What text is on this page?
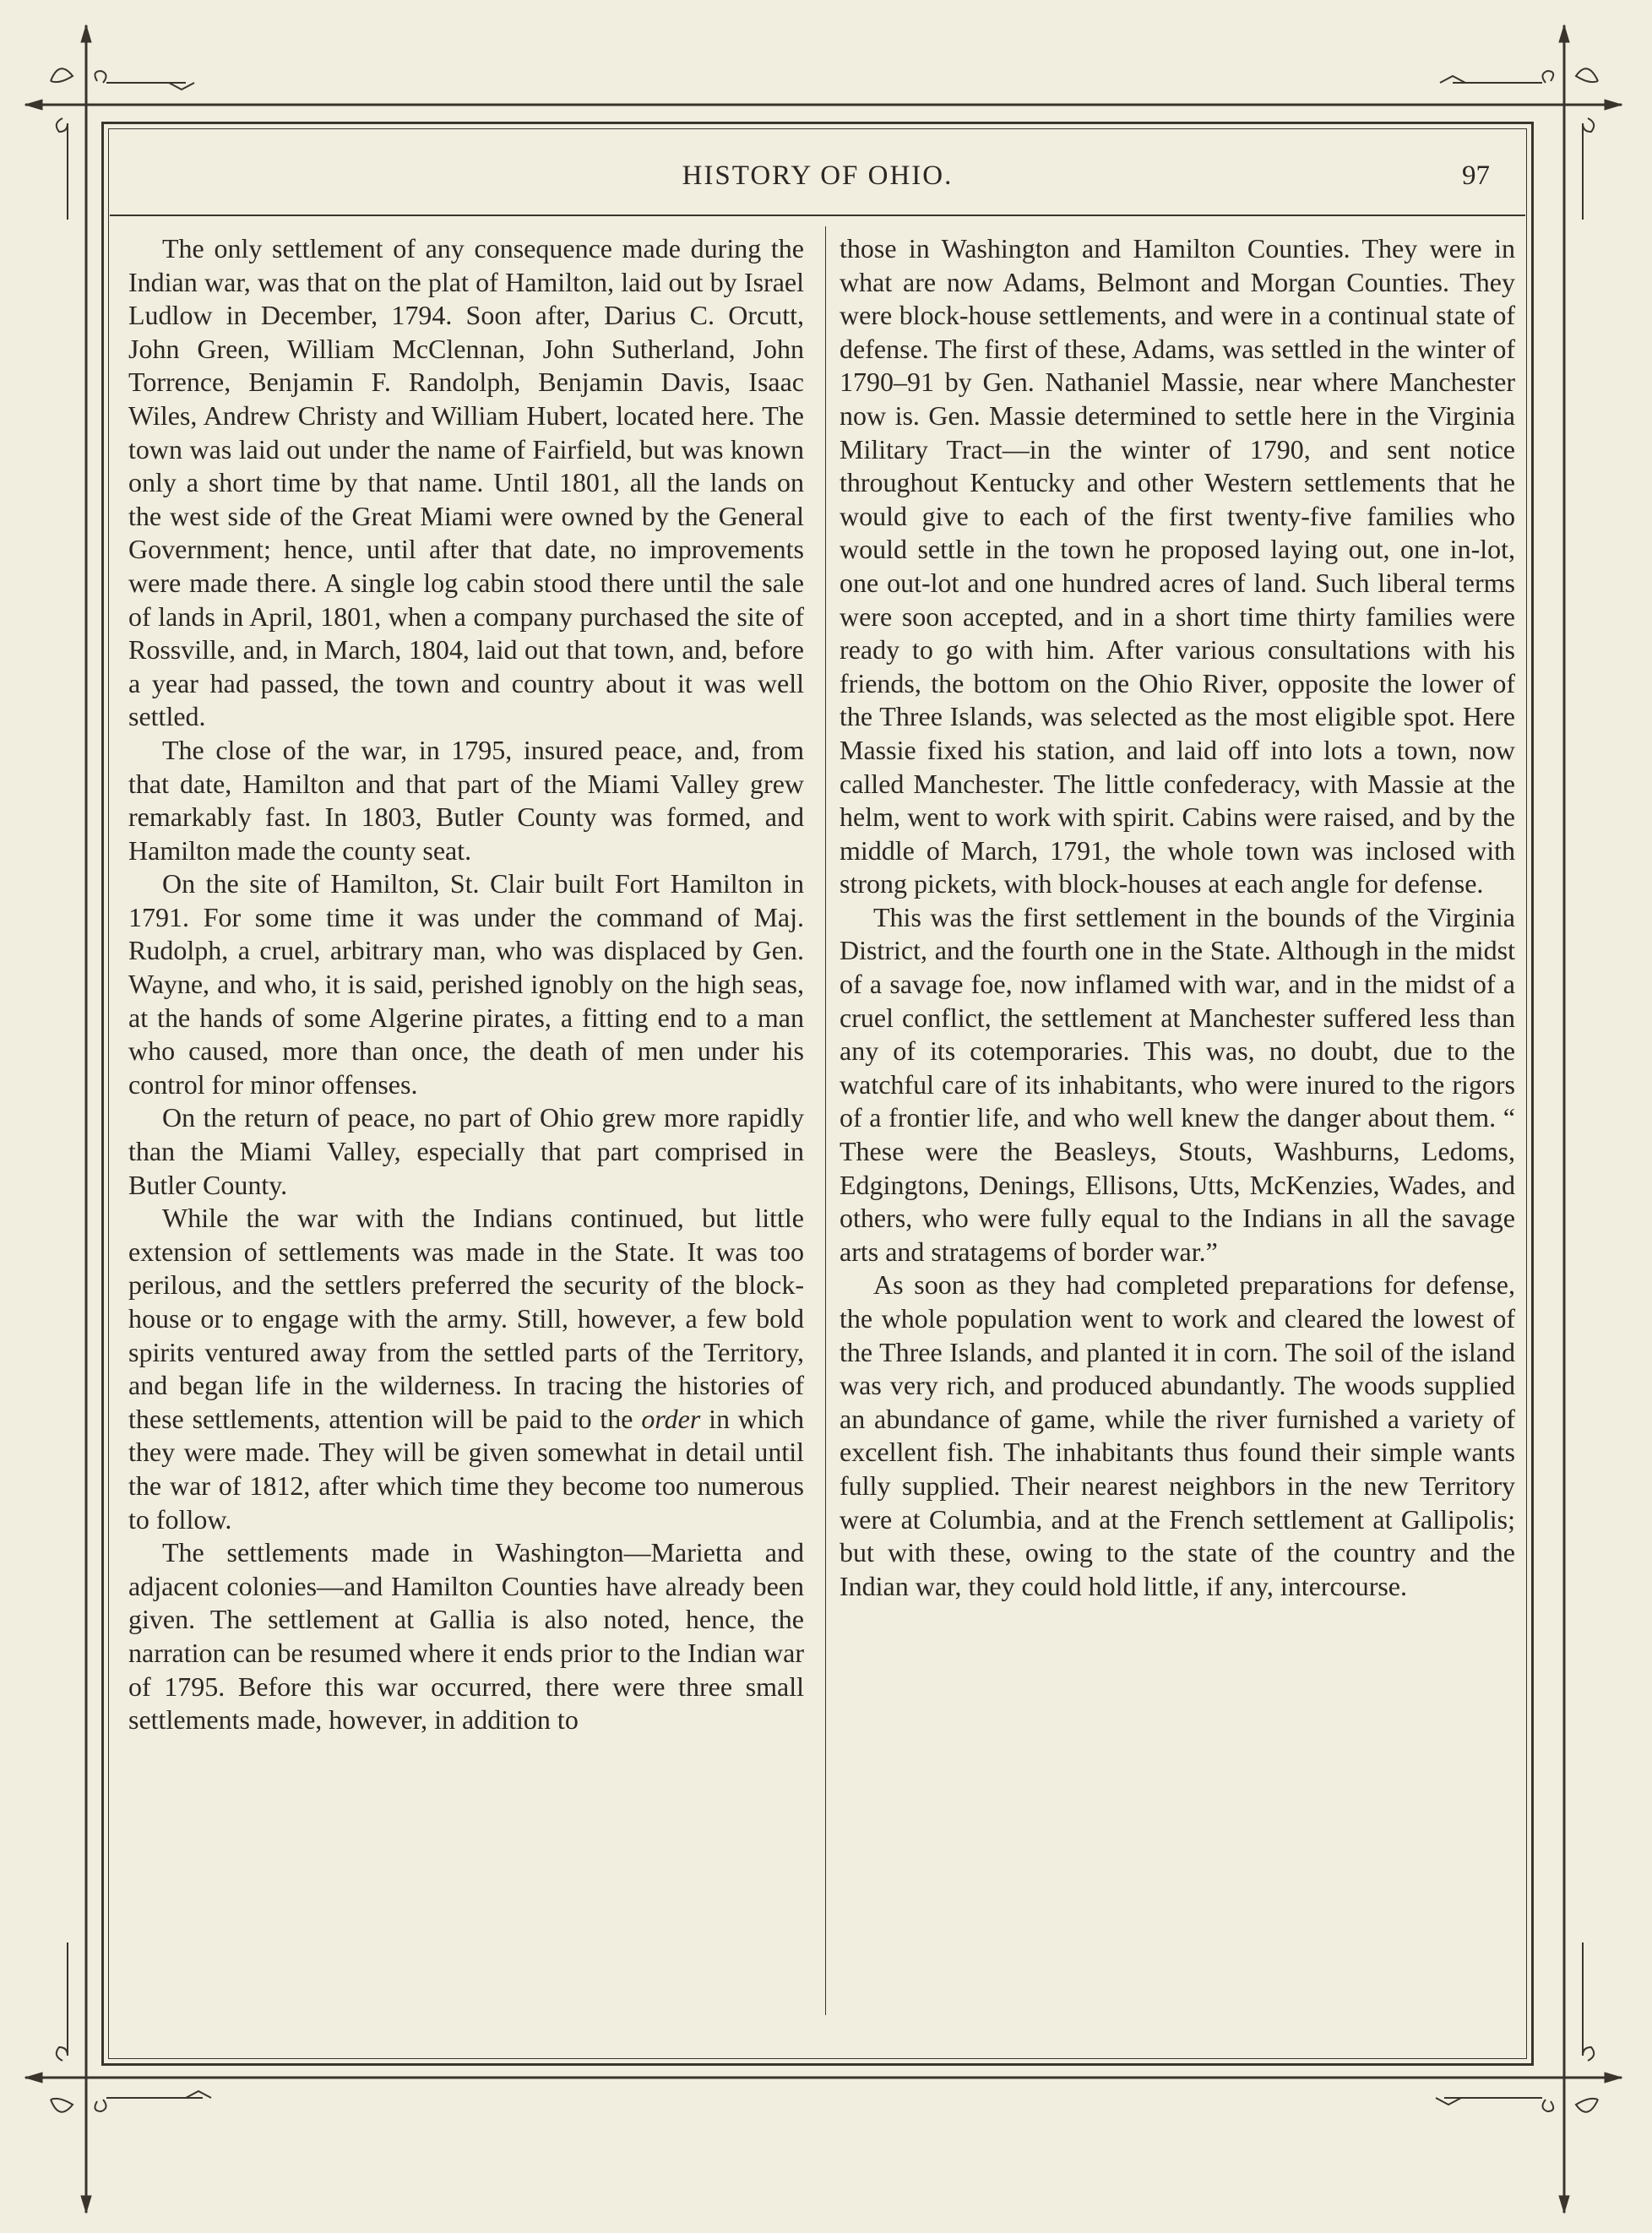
HISTORY OF OHIO.	97

The only settlement of any consequence made during the Indian war, was that on the plat of Hamilton, laid out by Israel Ludlow in December, 1794. Soon after, Darius C. Orcutt, John Green, William McClennan, John Sutherland, John Torrence, Benjamin F. Randolph, Benjamin Davis, Isaac Wiles, Andrew Christy and William Hubert, located here. The town was laid out under the name of Fairfield, but was known only a short time by that name. Until 1801, all the lands on the west side of the Great Miami were owned by the General Government; hence, until after that date, no improvements were made there. A single log cabin stood there until the sale of lands in April, 1801, when a company purchased the site of Rossville, and, in March, 1804, laid out that town, and, before a year had passed, the town and country about it was well settled.

The close of the war, in 1795, insured peace, and, from that date, Hamilton and that part of the Miami Valley grew remarkably fast. In 1803, Butler County was formed, and Hamilton made the county seat.

On the site of Hamilton, St. Clair built Fort Hamilton in 1791. For some time it was under the command of Maj. Rudolph, a cruel, arbitrary man, who was displaced by Gen. Wayne, and who, it is said, perished ignobly on the high seas, at the hands of some Algerine pirates, a fitting end to a man who caused, more than once, the death of men under his control for minor offenses.

On the return of peace, no part of Ohio grew more rapidly than the Miami Valley, especially that part comprised in Butler County.

While the war with the Indians continued, but little extension of settlements was made in the State. It was too perilous, and the settlers preferred the security of the block-house or to engage with the army. Still, however, a few bold spirits ventured away from the settled parts of the Territory, and began life in the wilderness. In tracing the histories of these settlements, attention will be paid to the order in which they were made. They will be given somewhat in detail until the war of 1812, after which time they become too numerous to follow.

The settlements made in Washington—Marietta and adjacent colonies—and Hamilton Counties have already been given. The settlement at Gallia is also noted, hence, the narration can be resumed where it ends prior to the Indian war of 1795. Before this war occurred, there were three small settlements made, however, in addition to

those in Washington and Hamilton Counties. They were in what are now Adams, Belmont and Morgan Counties. They were block-house settlements, and were in a continual state of defense. The first of these, Adams, was settled in the winter of 1790–91 by Gen. Nathaniel Massie, near where Manchester now is. Gen. Massie determined to settle here in the Virginia Military Tract—in the winter of 1790, and sent notice throughout Kentucky and other Western settlements that he would give to each of the first twenty-five families who would settle in the town he proposed laying out, one in-lot, one out-lot and one hundred acres of land. Such liberal terms were soon accepted, and in a short time thirty families were ready to go with him. After various consultations with his friends, the bottom on the Ohio River, opposite the lower of the Three Islands, was selected as the most eligible spot. Here Massie fixed his station, and laid off into lots a town, now called Manchester. The little confederacy, with Massie at the helm, went to work with spirit. Cabins were raised, and by the middle of March, 1791, the whole town was inclosed with strong pickets, with block-houses at each angle for defense.

This was the first settlement in the bounds of the Virginia District, and the fourth one in the State. Although in the midst of a savage foe, now inflamed with war, and in the midst of a cruel conflict, the settlement at Manchester suffered less than any of its cotemporaries. This was, no doubt, due to the watchful care of its inhabitants, who were inured to the rigors of a frontier life, and who well knew the danger about them. “ These were the Beasleys, Stouts, Washburns, Ledoms, Edgingtons, Denings, Ellisons, Utts, McKenzies, Wades, and others, who were fully equal to the Indians in all the savage arts and stratagems of border war.”

As soon as they had completed preparations for defense, the whole population went to work and cleared the lowest of the Three Islands, and planted it in corn. The soil of the island was very rich, and produced abundantly. The woods supplied an abundance of game, while the river furnished a variety of excellent fish. The inhabitants thus found their simple wants fully supplied. Their nearest neighbors in the new Territory were at Columbia, and at the French settlement at Gallipolis; but with these, owing to the state of the country and the Indian war, they could hold little, if any, intercourse.
